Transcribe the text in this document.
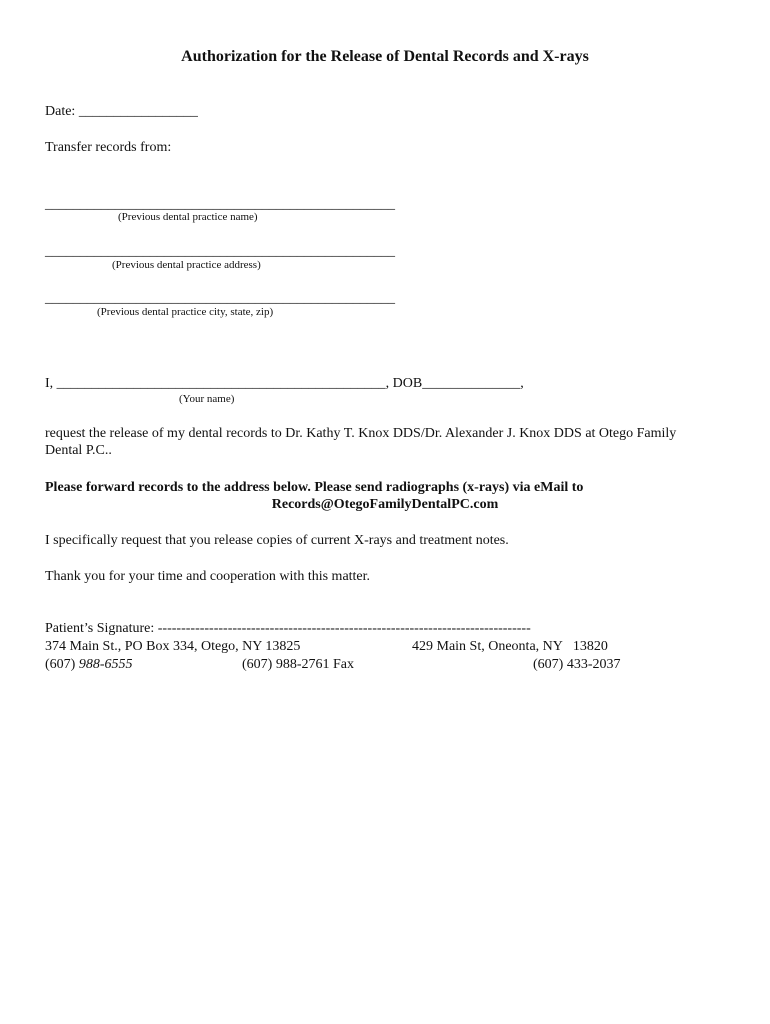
Authorization for the Release of Dental Records and X-rays
Date: _________________
Transfer records from:
__________________________________________________
(Previous dental practice name)
__________________________________________________
(Previous dental practice address)
__________________________________________________
(Previous dental practice city, state, zip)
I, _______________________________________________, DOB______________,
(Your name)
request the release of my dental records to Dr. Kathy T. Knox DDS/Dr. Alexander J. Knox DDS at Otego Family
Dental P.C..
Please forward records to the address below. Please send radiographs (x-rays) via eMail to
Records@OtegoFamilyDentalPC.com
I specifically request that you release copies of current X-rays and treatment notes.
Thank you for your time and cooperation with this matter.
Patient’s Signature: --------------------------------------------------------------------------------
374 Main St., PO Box 334, Otego, NY 13825	429 Main St, Oneonta, NY   13820
(607) 988-6555	(607) 988-2761 Fax	(607) 433-2037
